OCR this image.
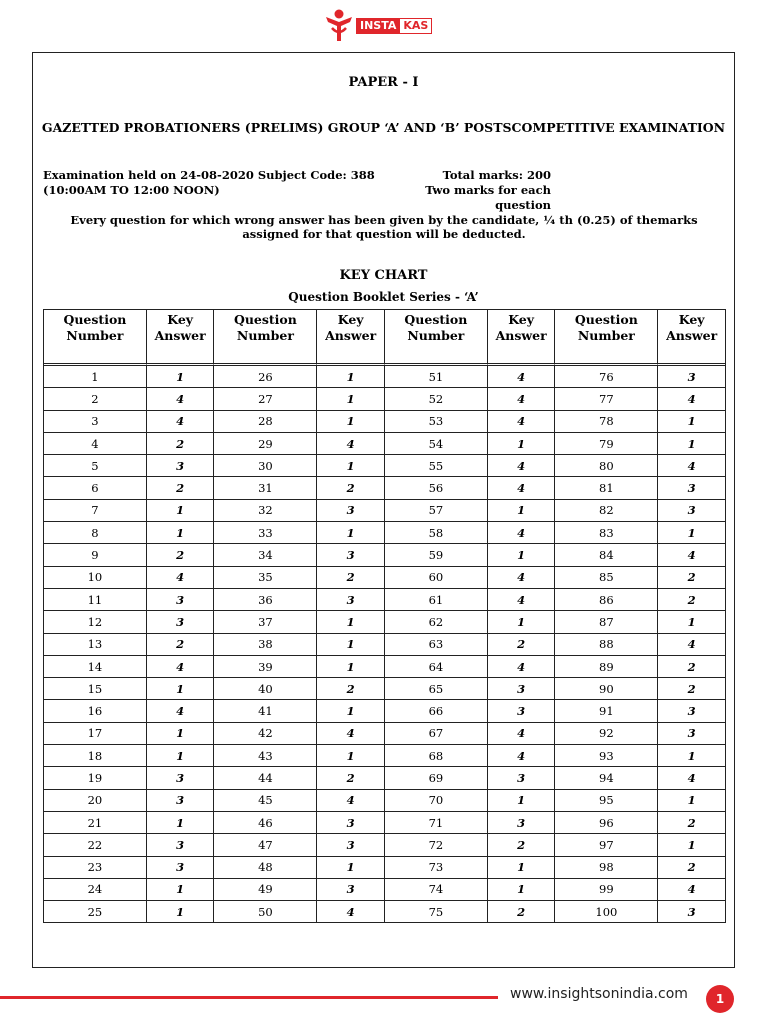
INSTA KAS
PAPER - I
GAZETTED PROBATIONERS (PRELIMS) GROUP ‘A’ AND ‘B’ POSTSCOMPETITIVE EXAMINATION
Examination held on 24-08-2020 Subject Code: 388
(10:00AM TO 12:00 NOON)
Total marks: 200
Two marks for each question
Every question for which wrong answer has been given by the candidate, ¼ th (0.25) of themarks assigned for that question will be deducted.
KEY CHART
Question Booklet Series - ‘A’
Question
Number	Key
Answer	Question
Number	Key
Answer	Question
Number	Key
Answer	Question
Number	Key
Answer
1	1	26	1	51	4	76	3
2	4	27	1	52	4	77	4
3	4	28	1	53	4	78	1
4	2	29	4	54	1	79	1
5	3	30	1	55	4	80	4
6	2	31	2	56	4	81	3
7	1	32	3	57	1	82	3
8	1	33	1	58	4	83	1
9	2	34	3	59	1	84	4
10	4	35	2	60	4	85	2
11	3	36	3	61	4	86	2
12	3	37	1	62	1	87	1
13	2	38	1	63	2	88	4
14	4	39	1	64	4	89	2
15	1	40	2	65	3	90	2
16	4	41	1	66	3	91	3
17	1	42	4	67	4	92	3
18	1	43	1	68	4	93	1
19	3	44	2	69	3	94	4
20	3	45	4	70	1	95	1
21	1	46	3	71	3	96	2
22	3	47	3	72	2	97	1
23	3	48	1	73	1	98	2
24	1	49	3	74	1	99	4
25	1	50	4	75	2	100	3
www.insightsonindia.com	1
